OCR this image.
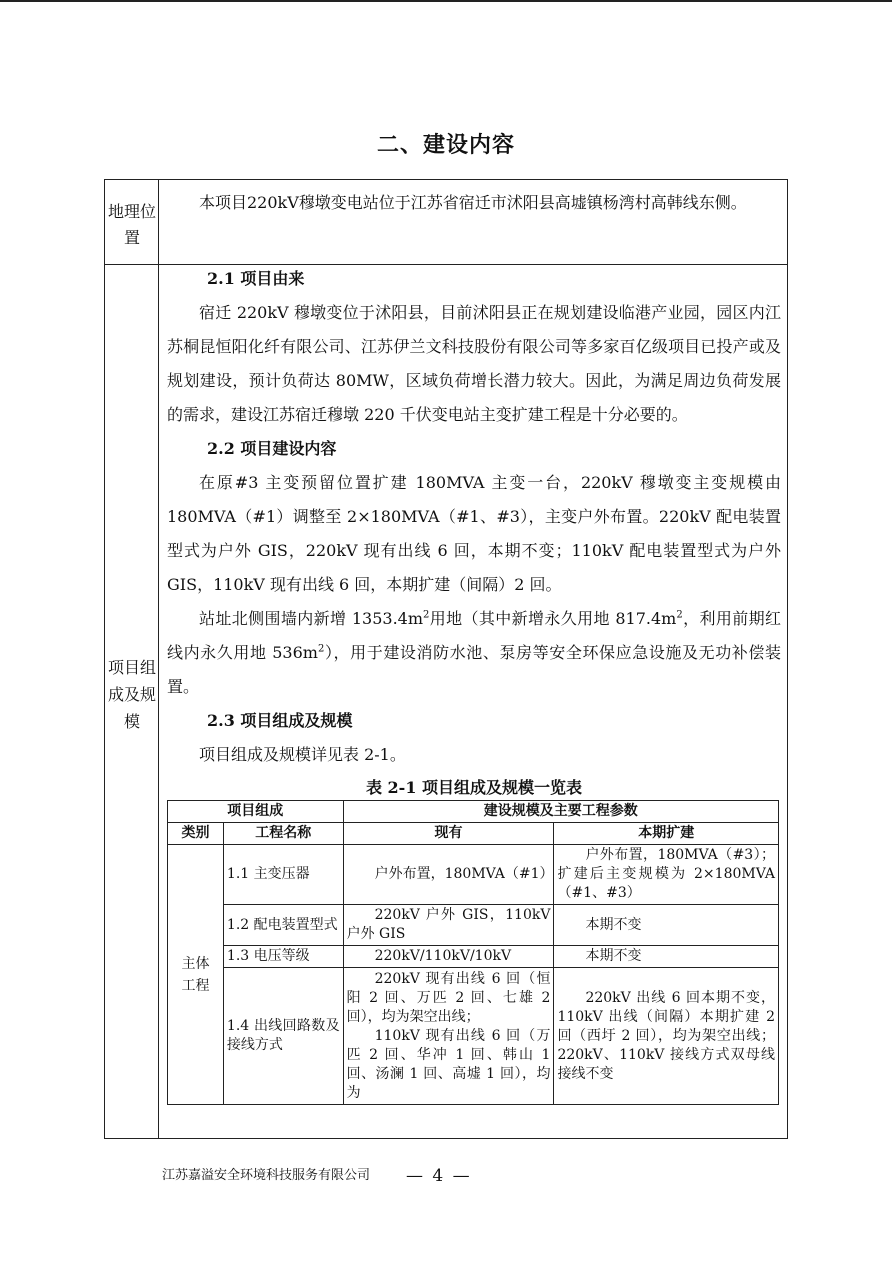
二、建设内容
地理位置

本项目220kV穆墩变电站位于江苏省宿迁市沭阳县高墟镇杨湾村高韩线东侧。

项目组成及规模

2.1 项目由来

宿迁 220kV 穆墩变位于沭阳县，目前沭阳县正在规划建设临港产业园，园区内江苏桐昆恒阳化纤有限公司、江苏伊兰文科技股份有限公司等多家百亿级项目已投产或及规划建设，预计负荷达 80MW，区域负荷增长潜力较大。因此，为满足周边负荷发展的需求，建设江苏宿迁穆墩 220 千伏变电站主变扩建工程是十分必要的。

2.2 项目建设内容

在原#3 主变预留位置扩建 180MVA 主变一台，220kV 穆墩变主变规模由180MVA（#1）调整至 2×180MVA（#1、#3），主变户外布置。220kV 配电装置型式为户外 GIS，220kV 现有出线 6 回，本期不变；110kV 配电装置型式为户外 GIS，110kV 现有出线 6 回，本期扩建（间隔）2 回。

站址北侧围墙内新增 $1353.4m^2$用地（其中新增永久用地 $817.4m^2$，利用前期红线内永久用地 $536m^2$），用于建设消防水池、泵房等安全环保应急设施及无功补偿装置。

2.3 项目组成及规模

项目组成及规模详见表 2-1。

表 2-1 项目组成及规模一览表
项目组成		建设规模及主要工程参数	
类别	工程名称	现有	本期扩建
主体工程	1.1 主变压器	户外布置，180MVA（#1）	户外布置，180MVA（#3）；扩建后主变规模为 2×180MVA（#1、#3）
	1.2 配电装置型式	220kV 户外 GIS，110kV 户外 GIS	本期不变
	1.3 电压等级	220kV/110kV/10kV	本期不变
	1.4 出线回路数及接线方式	220kV 现有出线 6 回（恒阳 2 回、万匹 2 回、七雄 2 回），均为架空出线；
110kV 现有出线 6 回（万匹 2 回、华冲 1 回、韩山 1 回、汤澜 1 回、高墟 1 回），均为	220kV 出线 6 回本期不变，110kV 出线（间隔）本期扩建 2 回（西圩 2 回），均为架空出线；220kV、110kV 接线方式双母线接线不变
江苏嘉溢安全环境科技服务有限公司 — 4 —
